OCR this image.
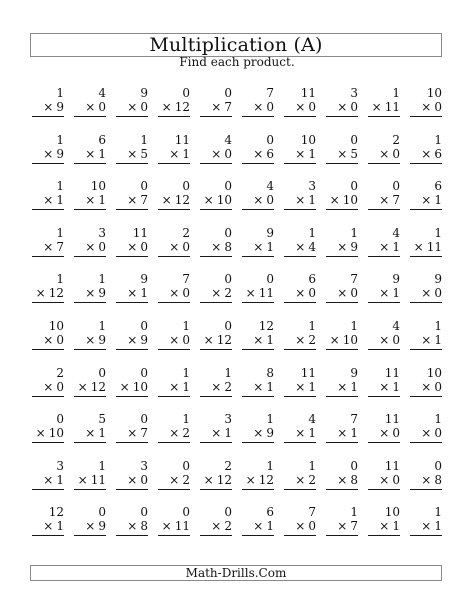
Multiplication (A)
Find each product.
1
× 9
4
× 0
9
× 0
0
× 12
0
× 7
7
× 0
11
× 0
3
× 0
1
× 11
10
× 0
1
× 9
6
× 1
1
× 5
11
× 1
4
× 0
0
× 6
10
× 1
0
× 5
2
× 0
1
× 6
1
× 1
10
× 1
0
× 7
0
× 12
0
× 10
4
× 0
3
× 1
0
× 10
0
× 7
6
× 1
1
× 7
3
× 0
11
× 0
2
× 0
0
× 8
9
× 1
1
× 4
1
× 9
4
× 1
1
× 11
1
× 12
1
× 9
9
× 1
7
× 0
0
× 2
0
× 11
6
× 0
7
× 0
9
× 1
9
× 0
10
× 0
1
× 9
0
× 9
1
× 0
0
× 12
12
× 1
1
× 2
1
× 10
4
× 0
1
× 1
2
× 0
0
× 12
0
× 10
1
× 1
1
× 2
8
× 1
11
× 1
9
× 1
11
× 1
10
× 0
0
× 10
5
× 1
0
× 7
1
× 2
3
× 1
1
× 9
4
× 1
7
× 1
11
× 0
1
× 0
3
× 1
1
× 11
3
× 0
0
× 2
2
× 12
1
× 12
1
× 2
0
× 8
11
× 0
0
× 8
12
× 1
0
× 9
0
× 8
0
× 11
0
× 2
6
× 1
7
× 0
1
× 7
10
× 1
1
× 1
Math-Drills.Com
